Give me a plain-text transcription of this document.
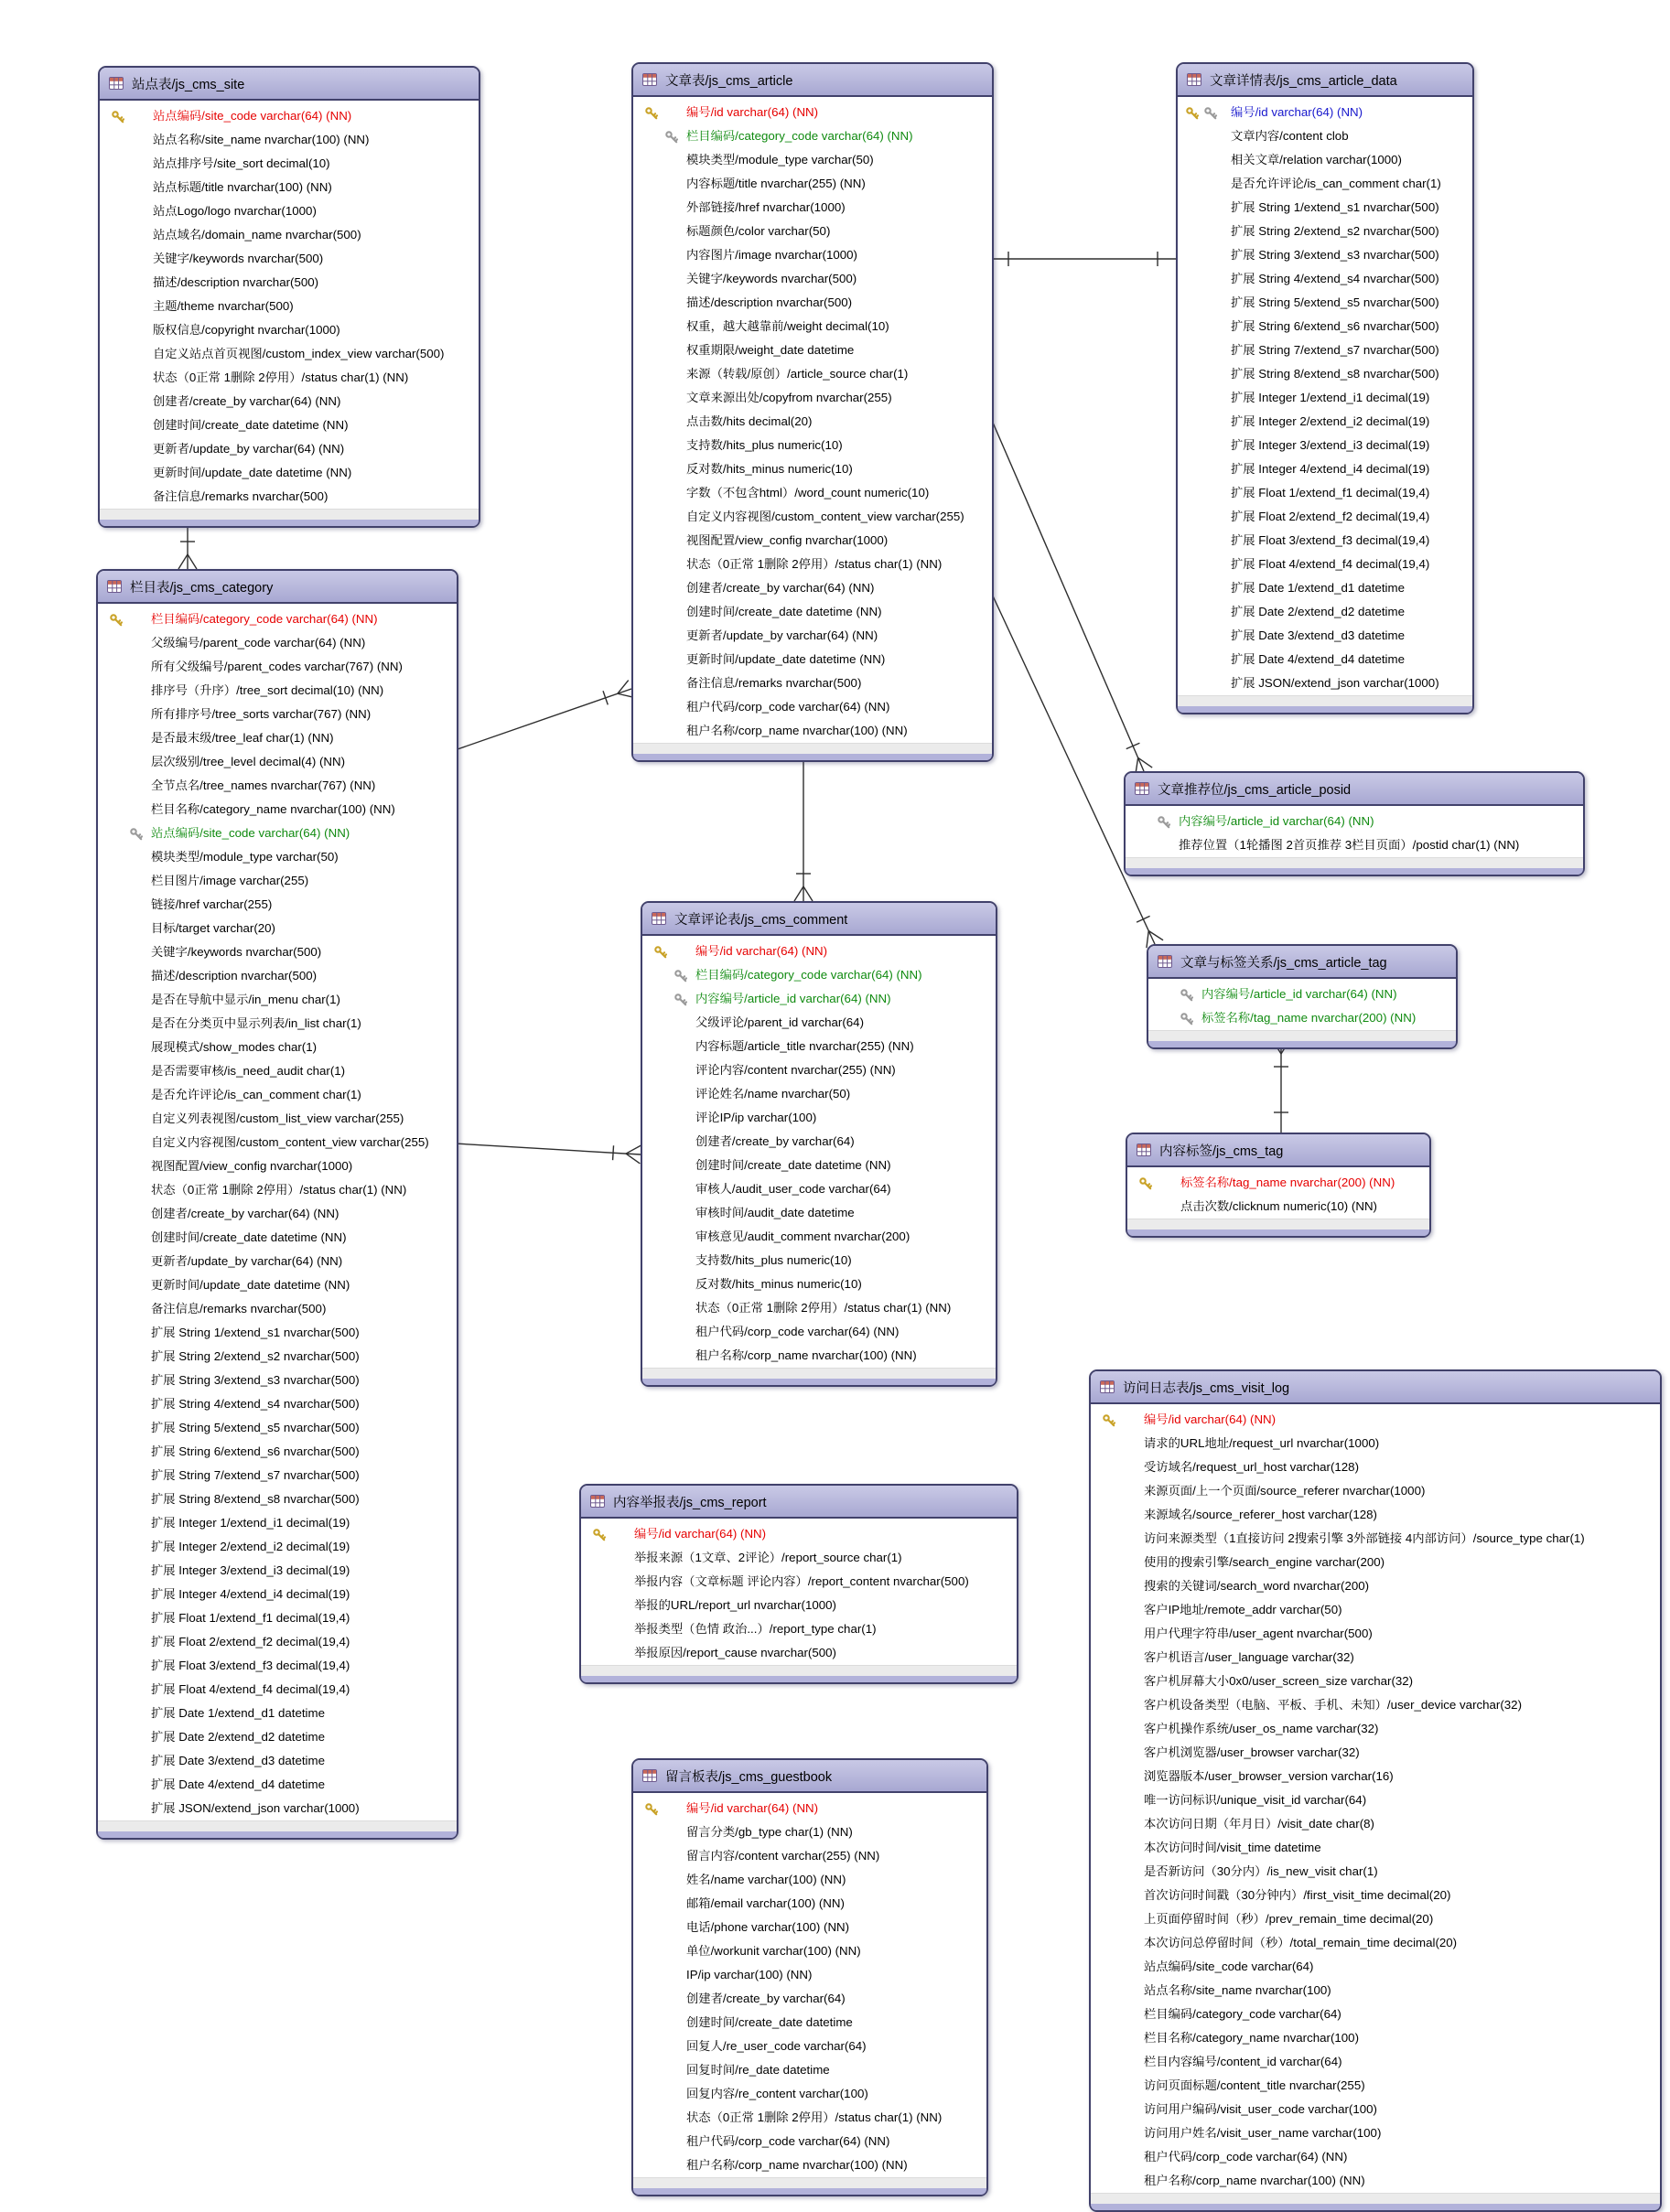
站点表/js_cms_site
站点编码/site_code varchar(64) (NN)
站点名称/site_name nvarchar(100) (NN)
站点排序号/site_sort decimal(10)
站点标题/title nvarchar(100) (NN)
站点Logo/logo nvarchar(1000)
站点域名/domain_name nvarchar(500)
关键字/keywords nvarchar(500)
描述/description nvarchar(500)
主题/theme nvarchar(500)
版权信息/copyright nvarchar(1000)
自定义站点首页视图/custom_index_view varchar(500)
状态（0正常 1删除 2停用）/status char(1) (NN)
创建者/create_by varchar(64) (NN)
创建时间/create_date datetime (NN)
更新者/update_by varchar(64) (NN)
更新时间/update_date datetime (NN)
备注信息/remarks nvarchar(500)
栏目表/js_cms_category
栏目编码/category_code varchar(64) (NN)
父级编号/parent_code varchar(64) (NN)
所有父级编号/parent_codes varchar(767) (NN)
排序号（升序）/tree_sort decimal(10) (NN)
所有排序号/tree_sorts varchar(767) (NN)
是否最末级/tree_leaf char(1) (NN)
层次级别/tree_level decimal(4) (NN)
全节点名/tree_names nvarchar(767) (NN)
栏目名称/category_name nvarchar(100) (NN)
站点编码/site_code varchar(64) (NN)
模块类型/module_type varchar(50)
栏目图片/image varchar(255)
链接/href varchar(255)
目标/target varchar(20)
关键字/keywords nvarchar(500)
描述/description nvarchar(500)
是否在导航中显示/in_menu char(1)
是否在分类页中显示列表/in_list char(1)
展现模式/show_modes char(1)
是否需要审核/is_need_audit char(1)
是否允许评论/is_can_comment char(1)
自定义列表视图/custom_list_view varchar(255)
自定义内容视图/custom_content_view varchar(255)
视图配置/view_config nvarchar(1000)
状态（0正常 1删除 2停用）/status char(1) (NN)
创建者/create_by varchar(64) (NN)
创建时间/create_date datetime (NN)
更新者/update_by varchar(64) (NN)
更新时间/update_date datetime (NN)
备注信息/remarks nvarchar(500)
扩展 String 1/extend_s1 nvarchar(500)
扩展 String 2/extend_s2 nvarchar(500)
扩展 String 3/extend_s3 nvarchar(500)
扩展 String 4/extend_s4 nvarchar(500)
扩展 String 5/extend_s5 nvarchar(500)
扩展 String 6/extend_s6 nvarchar(500)
扩展 String 7/extend_s7 nvarchar(500)
扩展 String 8/extend_s8 nvarchar(500)
扩展 Integer 1/extend_i1 decimal(19)
扩展 Integer 2/extend_i2 decimal(19)
扩展 Integer 3/extend_i3 decimal(19)
扩展 Integer 4/extend_i4 decimal(19)
扩展 Float 1/extend_f1 decimal(19,4)
扩展 Float 2/extend_f2 decimal(19,4)
扩展 Float 3/extend_f3 decimal(19,4)
扩展 Float 4/extend_f4 decimal(19,4)
扩展 Date 1/extend_d1 datetime
扩展 Date 2/extend_d2 datetime
扩展 Date 3/extend_d3 datetime
扩展 Date 4/extend_d4 datetime
扩展 JSON/extend_json varchar(1000)
文章表/js_cms_article
编号/id varchar(64) (NN)
栏目编码/category_code varchar(64) (NN)
模块类型/module_type varchar(50)
内容标题/title nvarchar(255) (NN)
外部链接/href nvarchar(1000)
标题颜色/color varchar(50)
内容图片/image nvarchar(1000)
关键字/keywords nvarchar(500)
描述/description nvarchar(500)
权重，越大越靠前/weight decimal(10)
权重期限/weight_date datetime
来源（转载/原创）/article_source char(1)
文章来源出处/copyfrom nvarchar(255)
点击数/hits decimal(20)
支持数/hits_plus numeric(10)
反对数/hits_minus numeric(10)
字数（不包含html）/word_count numeric(10)
自定义内容视图/custom_content_view varchar(255)
视图配置/view_config nvarchar(1000)
状态（0正常 1删除 2停用）/status char(1) (NN)
创建者/create_by varchar(64) (NN)
创建时间/create_date datetime (NN)
更新者/update_by varchar(64) (NN)
更新时间/update_date datetime (NN)
备注信息/remarks nvarchar(500)
租户代码/corp_code varchar(64) (NN)
租户名称/corp_name nvarchar(100) (NN)
文章详情表/js_cms_article_data
编号/id varchar(64) (NN)
文章内容/content clob
相关文章/relation varchar(1000)
是否允许评论/is_can_comment char(1)
扩展 String 1/extend_s1 nvarchar(500)
扩展 String 2/extend_s2 nvarchar(500)
扩展 String 3/extend_s3 nvarchar(500)
扩展 String 4/extend_s4 nvarchar(500)
扩展 String 5/extend_s5 nvarchar(500)
扩展 String 6/extend_s6 nvarchar(500)
扩展 String 7/extend_s7 nvarchar(500)
扩展 String 8/extend_s8 nvarchar(500)
扩展 Integer 1/extend_i1 decimal(19)
扩展 Integer 2/extend_i2 decimal(19)
扩展 Integer 3/extend_i3 decimal(19)
扩展 Integer 4/extend_i4 decimal(19)
扩展 Float 1/extend_f1 decimal(19,4)
扩展 Float 2/extend_f2 decimal(19,4)
扩展 Float 3/extend_f3 decimal(19,4)
扩展 Float 4/extend_f4 decimal(19,4)
扩展 Date 1/extend_d1 datetime
扩展 Date 2/extend_d2 datetime
扩展 Date 3/extend_d3 datetime
扩展 Date 4/extend_d4 datetime
扩展 JSON/extend_json varchar(1000)
文章推荐位/js_cms_article_posid
内容编号/article_id varchar(64) (NN)
推荐位置（1轮播图 2首页推荐 3栏目页面）/postid char(1) (NN)
文章与标签关系/js_cms_article_tag
内容编号/article_id varchar(64) (NN)
标签名称/tag_name nvarchar(200) (NN)
内容标签/js_cms_tag
标签名称/tag_name nvarchar(200) (NN)
点击次数/clicknum numeric(10) (NN)
文章评论表/js_cms_comment
编号/id varchar(64) (NN)
栏目编码/category_code varchar(64) (NN)
内容编号/article_id varchar(64) (NN)
父级评论/parent_id varchar(64)
内容标题/article_title nvarchar(255) (NN)
评论内容/content nvarchar(255) (NN)
评论姓名/name nvarchar(50)
评论IP/ip varchar(100)
创建者/create_by varchar(64)
创建时间/create_date datetime (NN)
审核人/audit_user_code varchar(64)
审核时间/audit_date datetime
审核意见/audit_comment nvarchar(200)
支持数/hits_plus numeric(10)
反对数/hits_minus numeric(10)
状态（0正常 1删除 2停用）/status char(1) (NN)
租户代码/corp_code varchar(64) (NN)
租户名称/corp_name nvarchar(100) (NN)
内容举报表/js_cms_report
编号/id varchar(64) (NN)
举报来源（1文章、2评论）/report_source char(1)
举报内容（文章标题 评论内容）/report_content nvarchar(500)
举报的URL/report_url nvarchar(1000)
举报类型（色情 政治...）/report_type char(1)
举报原因/report_cause nvarchar(500)
留言板表/js_cms_guestbook
编号/id varchar(64) (NN)
留言分类/gb_type char(1) (NN)
留言内容/content varchar(255) (NN)
姓名/name varchar(100) (NN)
邮箱/email varchar(100) (NN)
电话/phone varchar(100) (NN)
单位/workunit varchar(100) (NN)
IP/ip varchar(100) (NN)
创建者/create_by varchar(64)
创建时间/create_date datetime
回复人/re_user_code varchar(64)
回复时间/re_date datetime
回复内容/re_content varchar(100)
状态（0正常 1删除 2停用）/status char(1) (NN)
租户代码/corp_code varchar(64) (NN)
租户名称/corp_name nvarchar(100) (NN)
访问日志表/js_cms_visit_log
编号/id varchar(64) (NN)
请求的URL地址/request_url nvarchar(1000)
受访域名/request_url_host varchar(128)
来源页面/上一个页面/source_referer nvarchar(1000)
来源域名/source_referer_host varchar(128)
访问来源类型（1直接访问 2搜索引擎 3外部链接 4内部访问）/source_type char(1)
使用的搜索引擎/search_engine varchar(200)
搜索的关键词/search_word nvarchar(200)
客户IP地址/remote_addr varchar(50)
用户代理字符串/user_agent nvarchar(500)
客户机语言/user_language varchar(32)
客户机屏幕大小0x0/user_screen_size varchar(32)
客户机设备类型（电脑、平板、手机、未知）/user_device varchar(32)
客户机操作系统/user_os_name varchar(32)
客户机浏览器/user_browser varchar(32)
浏览器版本/user_browser_version varchar(16)
唯一访问标识/unique_visit_id varchar(64)
本次访问日期（年月日）/visit_date char(8)
本次访问时间/visit_time datetime
是否新访问（30分内）/is_new_visit char(1)
首次访问时间戳（30分钟内）/first_visit_time decimal(20)
上页面停留时间（秒）/prev_remain_time decimal(20)
本次访问总停留时间（秒）/total_remain_time decimal(20)
站点编码/site_code varchar(64)
站点名称/site_name nvarchar(100)
栏目编码/category_code varchar(64)
栏目名称/category_name nvarchar(100)
栏目内容编号/content_id varchar(64)
访问页面标题/content_title nvarchar(255)
访问用户编码/visit_user_code varchar(100)
访问用户姓名/visit_user_name varchar(100)
租户代码/corp_code varchar(64) (NN)
租户名称/corp_name nvarchar(100) (NN)
